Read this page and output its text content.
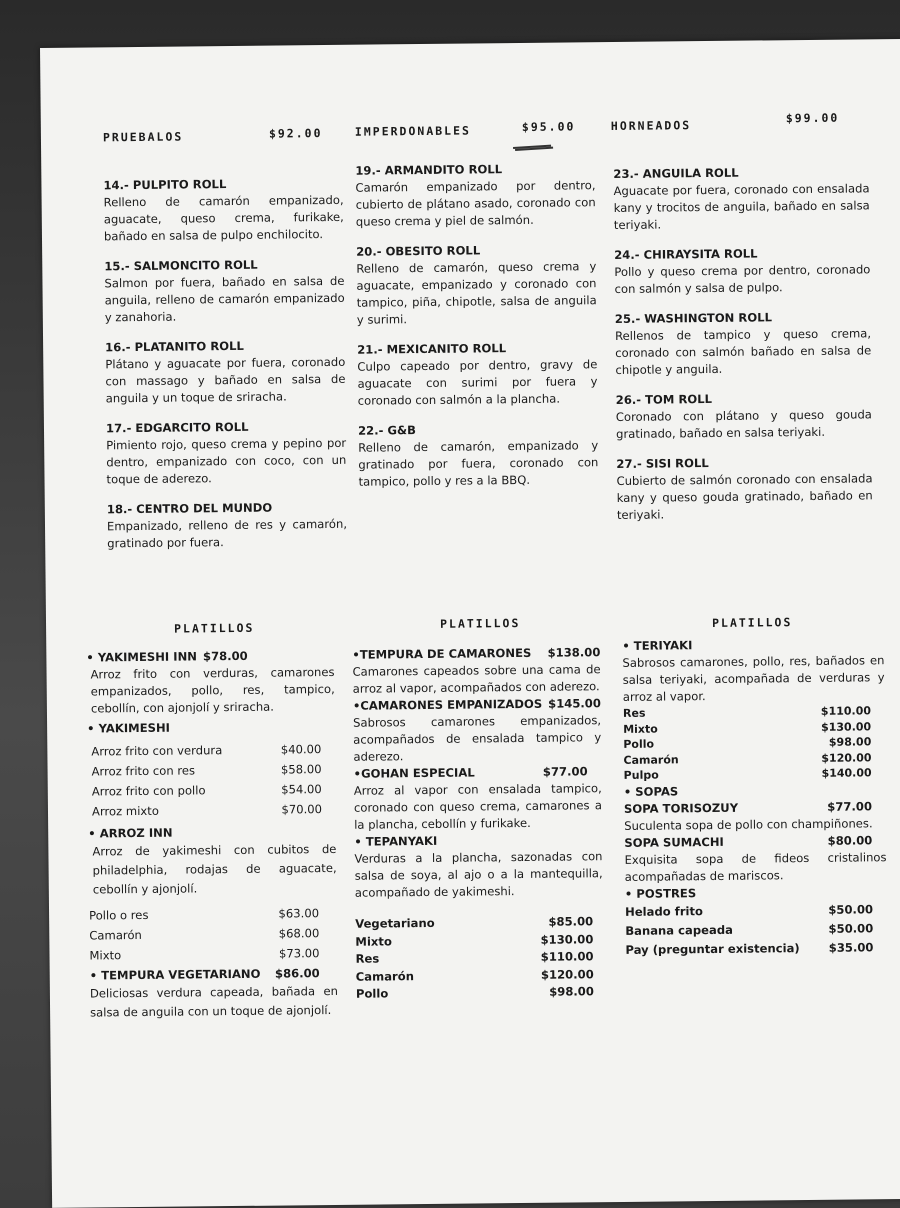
PRUEBALOS	$92.00	IMPERDONABLES	$95.00	HORNEADOS
$99.00
14.- PULPITO ROLL
Relleno de camarón empanizado, aguacate, queso crema, furikake, bañado en salsa de pulpo enchilocito.
15.- SALMONCITO ROLL
Salmon por fuera, bañado en salsa de anguila, relleno de camarón empanizado y zanahoria.
16.- PLATANITO ROLL
Plátano y aguacate por fuera, coronado con massago y bañado en salsa de anguila y un toque de sriracha.
17.- EDGARCITO ROLL
Pimiento rojo, queso crema y pepino por dentro, empanizado con coco, con un toque de aderezo.
18.- CENTRO DEL MUNDO
Empanizado, relleno de res y camarón, gratinado por fuera.
19.- ARMANDITO ROLL
Camarón empanizado por dentro, cubierto de plátano asado, coronado con queso crema y piel de salmón.
20.- OBESITO ROLL
Relleno de camarón, queso crema y aguacate, empanizado y coronado con tampico, piña, chipotle, salsa de anguila y surimi.
21.- MEXICANITO ROLL
Culpo capeado por dentro, gravy de aguacate con surimi por fuera y coronado con salmón a la plancha.
22.- G&B
Relleno de camarón, empanizado y gratinado por fuera, coronado con tampico, pollo y res a la BBQ.
23.- ANGUILA ROLL
Aguacate por fuera, coronado con ensalada kany y trocitos de anguila, bañado en salsa teriyaki.
24.- CHIRAYSITA ROLL
Pollo y queso crema por dentro, coronado con salmón y salsa de pulpo.
25.- WASHINGTON ROLL
Rellenos de tampico y queso crema, coronado con salmón bañado en salsa de chipotle y anguila.
26.- TOM ROLL
Coronado con plátano y queso gouda gratinado, bañado en salsa teriyaki.
27.- SISI ROLL
Cubierto de salmón coronado con ensalada kany y queso gouda gratinado, bañado en teriyaki.
PLATILLOS	PLATILLOS	PLATILLOS
• YAKIMESHI INN $78.00
Arroz frito con verduras, camarones empanizados, pollo, res, tampico, cebollín, con ajonjolí y sriracha.
• YAKIMESHI
Arroz frito con verdura	$40.00
Arroz frito con res	$58.00
Arroz frito con pollo	$54.00
Arroz mixto	$70.00
• ARROZ INN
Arroz de yakimeshi con cubitos de philadelphia, rodajas de aguacate, cebollín y ajonjolí.
Pollo o res	$63.00
Camarón	$68.00
Mixto	$73.00
• TEMPURA VEGETARIANO $86.00
Deliciosas verdura capeada, bañada en salsa de anguila con un toque de ajonjolí.
•TEMPURA DE CAMARONES $138.00
Camarones capeados sobre una cama de arroz al vapor, acompañados con aderezo.
•CAMARONES EMPANIZADOS $145.00
Sabrosos camarones empanizados, acompañados de ensalada tampico y aderezo.
•GOHAN ESPECIAL	$77.00
Arroz al vapor con ensalada tampico, coronado con queso crema, camarones a la plancha, cebollín y furikake.
• TEPANYAKI
Verduras a la plancha, sazonadas con salsa de soya, al ajo o a la mantequilla, acompañado de yakimeshi.
Vegetariano	$85.00
Mixto	$130.00
Res	$110.00
Camarón	$120.00
Pollo	$98.00
• TERIYAKI
Sabrosos camarones, pollo, res, bañados en salsa teriyaki, acompañada de verduras y arroz al vapor.
Res	$110.00
Mixto	$130.00
Pollo	$98.00
Camarón	$120.00
Pulpo	$140.00
• SOPAS
SOPA TORISOZUY	$77.00
Suculenta sopa de pollo con champiñones.
SOPA SUMACHI	$80.00
Exquisita sopa de fideos cristalinos acompañadas de mariscos.
• POSTRES
Helado frito	$50.00
Banana capeada	$50.00
Pay (preguntar existencia) $35.00
